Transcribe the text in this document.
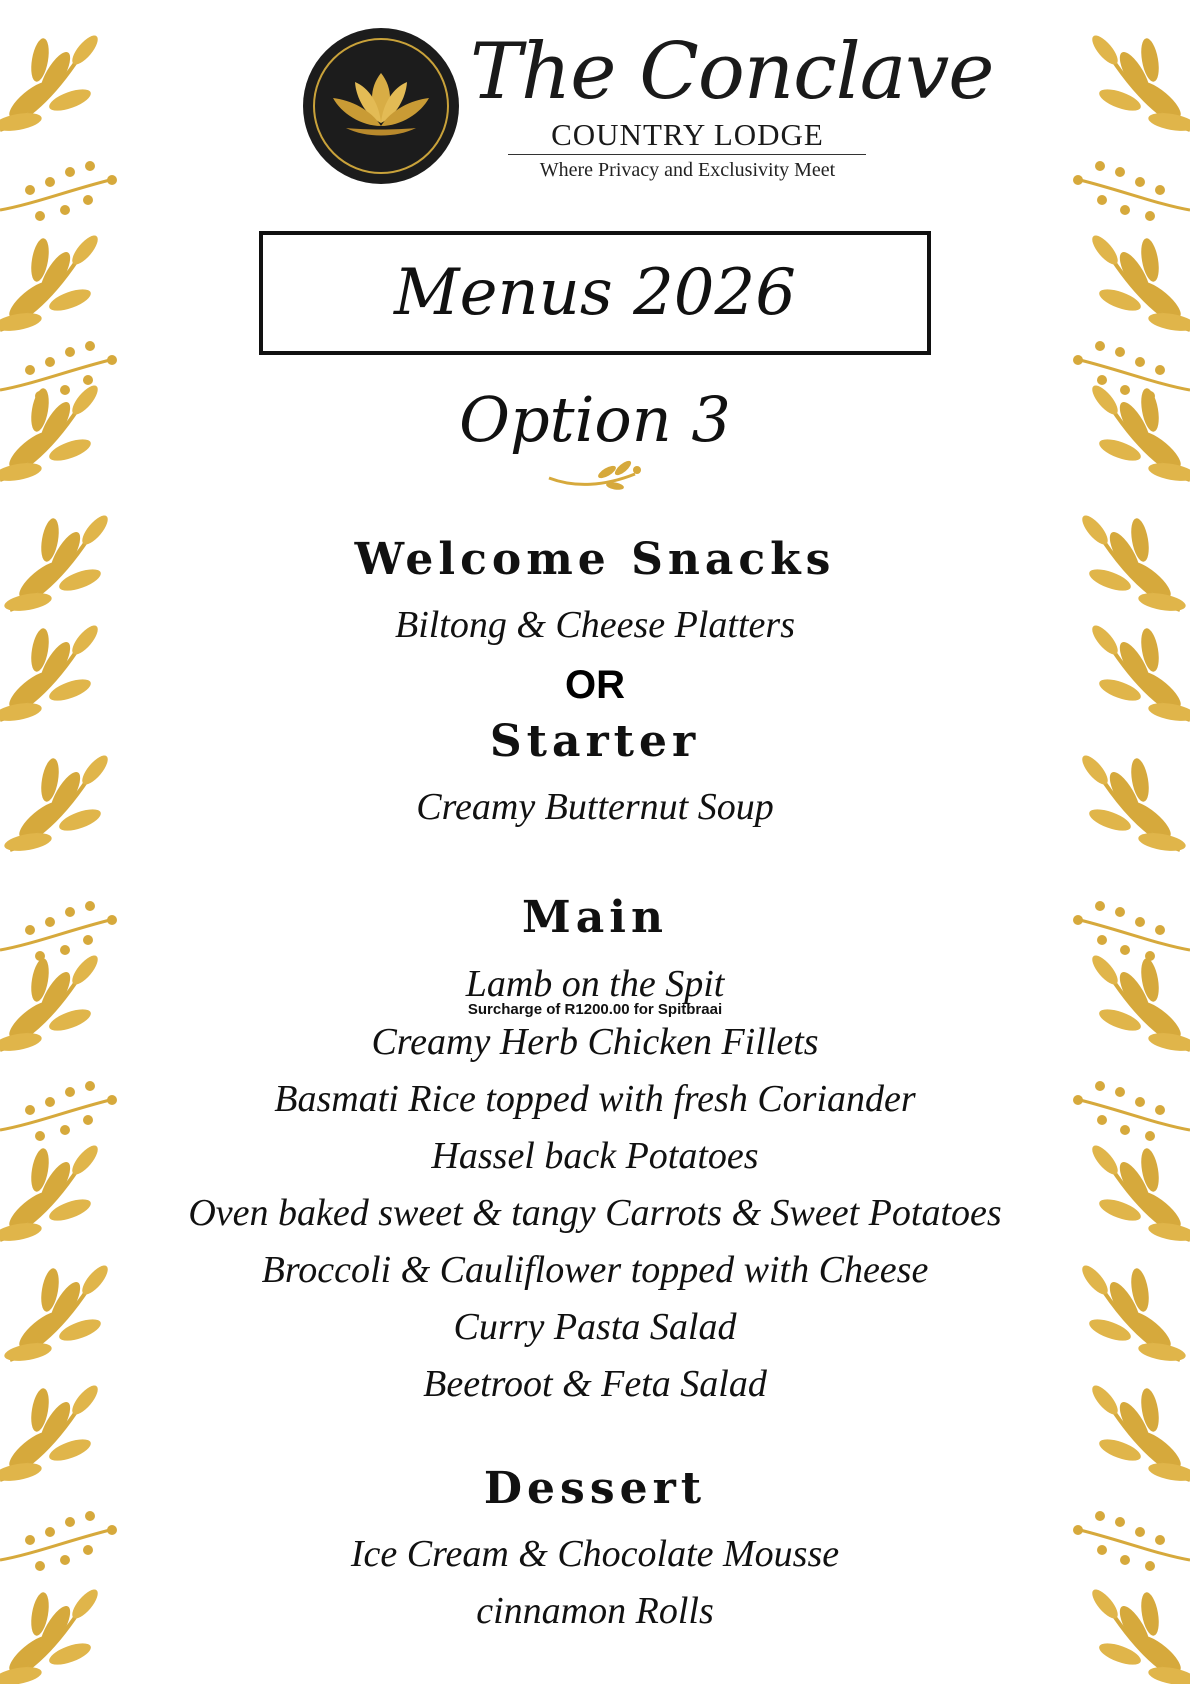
The Conclave
COUNTRY LODGE
Where Privacy and Exclusivity Meet
Menus 2026
Option 3
Welcome Snacks
Biltong & Cheese Platters
OR
Starter
Creamy Butternut Soup
Main
Lamb on the Spit
Surcharge of R1200.00 for Spitbraai
Creamy Herb Chicken Fillets
Basmati Rice topped with fresh Coriander
Hassel back Potatoes
Oven baked sweet & tangy Carrots & Sweet Potatoes
Broccoli & Cauliflower topped with Cheese
Curry Pasta Salad
Beetroot & Feta Salad
Dessert
Ice Cream & Chocolate Mousse
cinnamon Rolls
